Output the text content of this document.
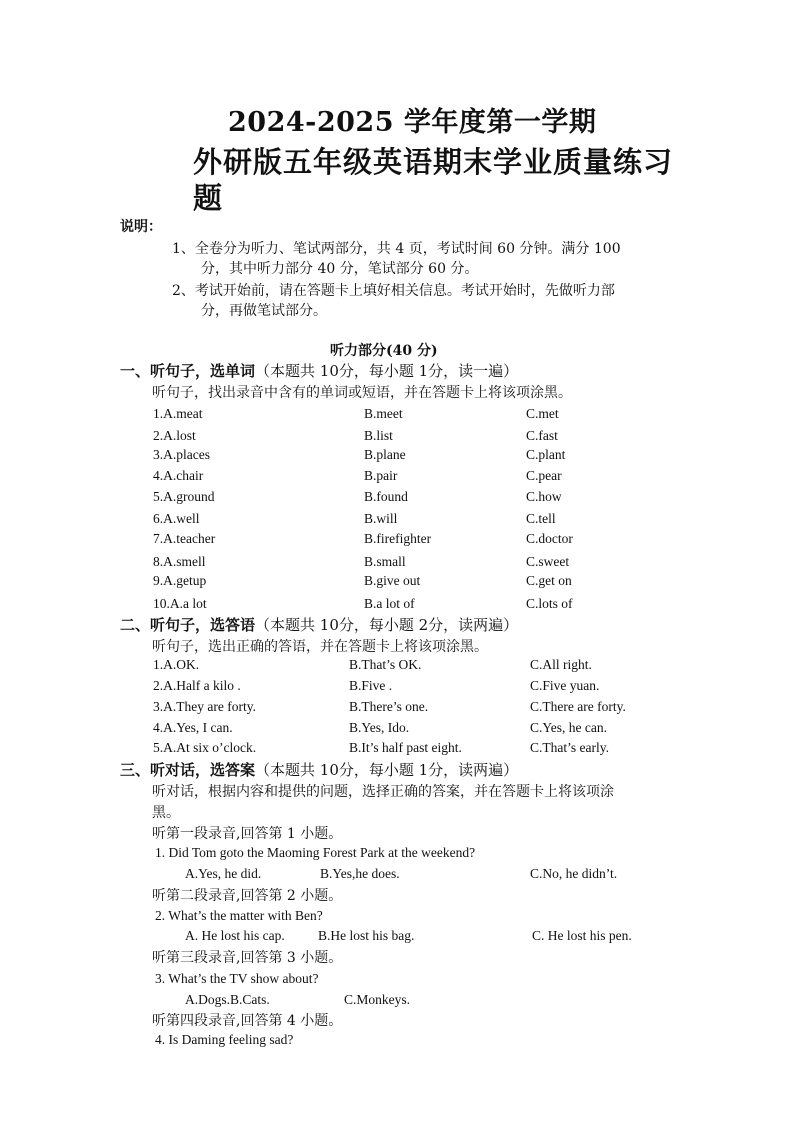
2024-2025 学年度第一学期
外研版五年级英语期末学业质量练习
题
说明：
1、全卷分为听力、笔试两部分，共 4 页，考试时间 60 分钟。满分 100
分，其中听力部分 40 分，笔试部分 60 分。
2、考试开始前，请在答题卡上填好相关信息。考试开始时，先做听力部
分，再做笔试部分。
听力部分(40 分)
一、听句子，选单词（本题共 10分，每小题 1分，读一遍）
听句子，找出录音中含有的单词或短语，并在答题卡上将该项涂黑。
1.A.meat	B.meet	C.met
2.A.lost	B.list	C.fast
3.A.places	B.plane	C.plant
4.A.chair	B.pair	C.pear
5.A.ground	B.found	C.how
6.A.well	B.will	C.tell
7.A.teacher	B.firefighter	C.doctor
8.A.smell	B.small	C.sweet
9.A.getup	B.give out	C.get on
10.A.a lot	B.a lot of	C.lots of
二、听句子，选答语（本题共 10分，每小题 2分，读两遍）
听句子，选出正确的答语，并在答题卡上将该项涂黑。
1.A.OK.	B.That’s OK.	C.All right.
2.A.Half a kilo .	B.Five .	C.Five yuan.
3.A.They are forty.	B.There’s one.	C.There are forty.
4.A.Yes, I can.	B.Yes, Ido.	C.Yes, he can.
5.A.At six o’clock.	B.It’s half past eight.	C.That’s early.
三、听对话，选答案（本题共 10分，每小题 1分，读两遍）
听对话，根据内容和提供的问题，选择正确的答案，并在答题卡上将该项涂
黑。
听第一段录音,回答第 1 小题。
1. Did Tom goto the Maoming Forest Park at the weekend?
A.Yes, he did.	B.Yes,he does.	C.No, he didn’t.
听第二段录音,回答第 2 小题。
2. What’s the matter with Ben?
A. He lost his cap. B.He lost his bag.	C. He lost his pen.
听第三段录音,回答第 3 小题。
3. What’s the TV show about?
A.Dogs.B.Cats.	C.Monkeys.
听第四段录音,回答第 4 小题。
4. Is Daming feeling sad?
